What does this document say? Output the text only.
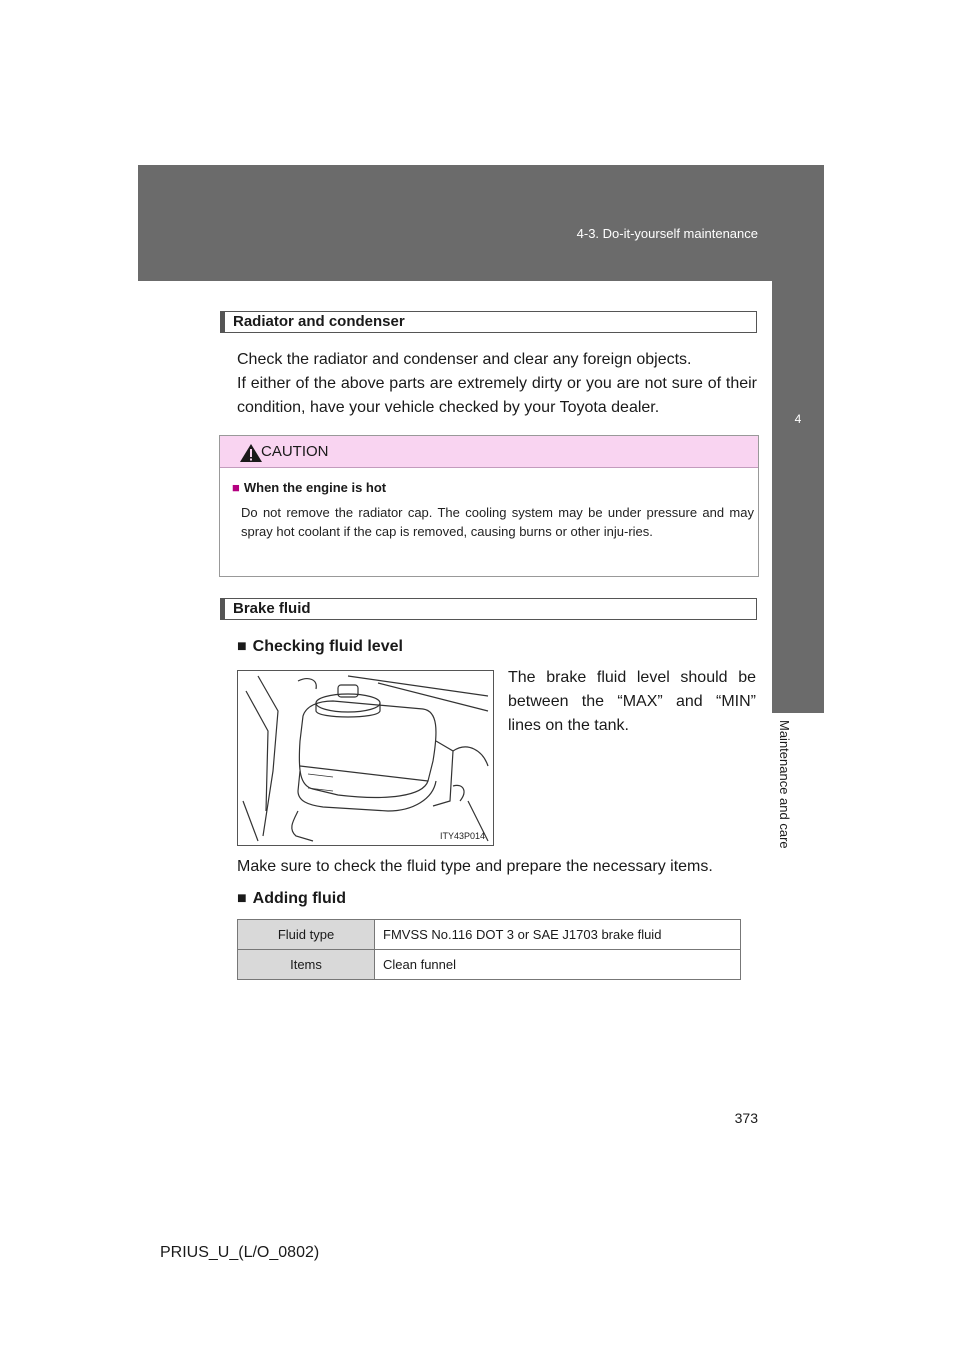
4-3. Do-it-yourself maintenance
4
Maintenance and care
Radiator and condenser

Check the radiator and condenser and clear any foreign objects.

If either of the above parts are extremely dirty or you are not sure of their condition, have your vehicle checked by your Toyota dealer.

CAUTION
■ When the engine is hot

Do not remove the radiator cap. The cooling system may be under pressure and may spray hot coolant if the cap is removed, causing burns or other inju-ries.

Brake fluid
■ Checking fluid level
ITY43P014

The brake fluid level should be between the “MAX” and “MIN” lines on the tank.

Make sure to check the fluid type and prepare the necessary items.

■ Adding fluid
Fluid type	FMVSS No.116 DOT 3 or SAE J1703 brake fluid
Items	Clean funnel
373
PRIUS_U_(L/O_0802)
